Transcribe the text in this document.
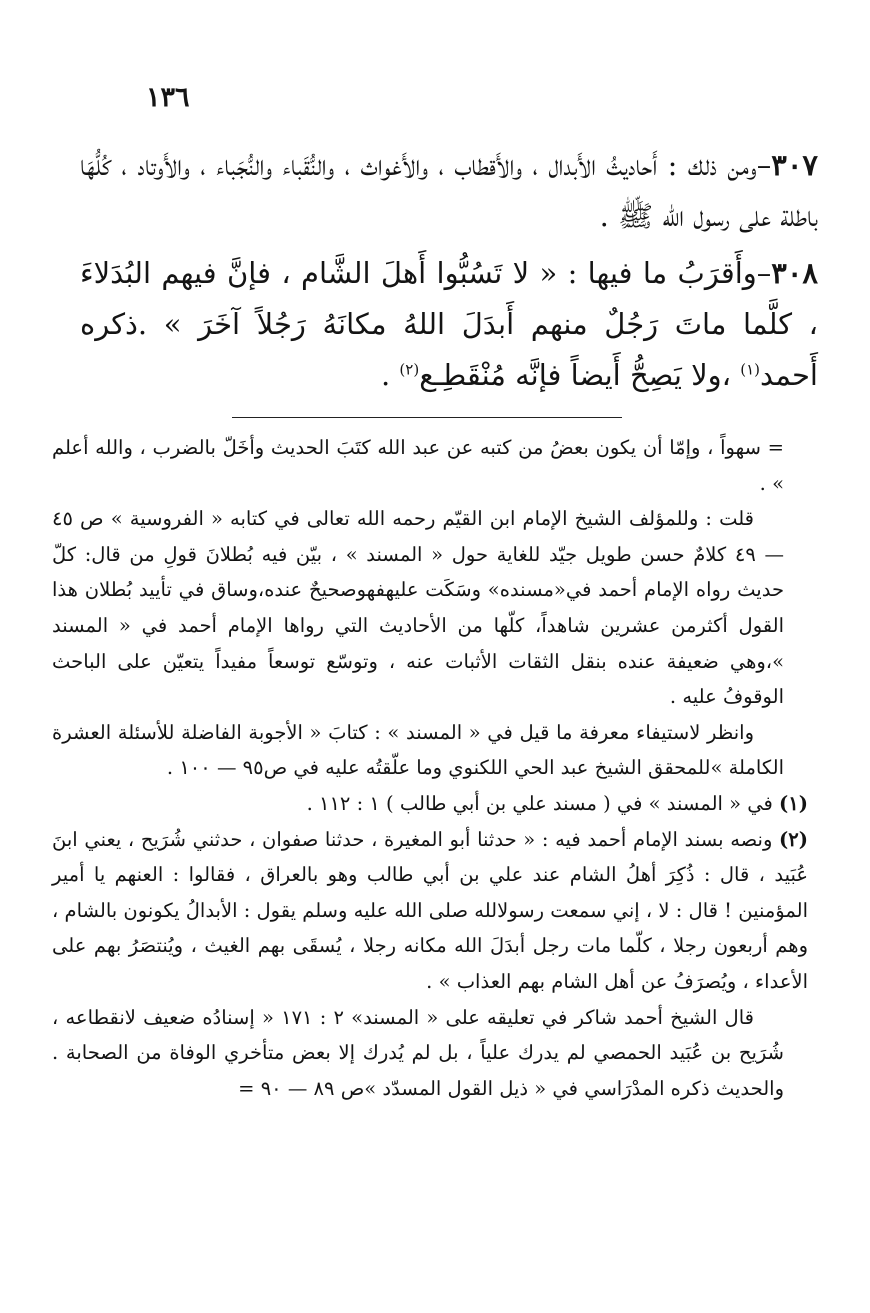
١٣٦

٣٠٧–ومن ذلك : أَحاديثُ الأَبدال ، والأَقطاب ، والأَغواث ، والنُّقَباء والنُّجَباء ، والأَوتاد ، كُلُّهَا باطلة على رسول الله ﷺ .

٣٠٨–وأَقرَبُ ما فيها : « لا تَسُبُّوا أَهلَ الشَّام ، فإنَّ فيهم البُدَلاءَ ، كلَّما ماتَ رَجُلٌ منهم أَبدَلَ اللهُ مكانَهُ رَجُلاً آخَرَ » .ذكره أَحمد$^{(١)}$ ،ولا يَصِحُّ أَيضاً فإنَّه مُنْقَطِـع$^{(٢)}$ .

= سهواً ، وإمّا أن يكون بعضُ من كتبه عن عبد الله كتَبَ الحديث وأخَلّ بالضرب ، والله أعلم » .

قلت : وللمؤلف الشيخ الإمام ابن القيّم رحمه الله تعالى في كتابه « الفروسية » ص ٤٥ — ٤٩ كلامٌ حسن طويل جيّد للغاية حول « المسند » ، بيّن فيه بُطلانَ قولِ من قال: كلّ حديث رواه الإمام أحمد في«مسنده» وسَكَت عليهفهوصحيحٌ عنده،وساق في تأييد بُطلان هذا القول أكثرمن عشرين شاهداً، كلّها من الأحاديث التي رواها الإمام أحمد في « المسند »،وهي ضعيفة عنده بنقل الثقات الأثبات عنه ، وتوسّع توسعاً مفيداً يتعيّن على الباحث الوقوفُ عليه .

وانظر لاستيفاء معرفة ما قيل في « المسند » : كتابَ « الأجوبة الفاضلة للأسئلة العشرة الكاملة »للمحقق الشيخ عبد الحي اللكنوي وما علّقتُه عليه في ص٩٥ — ١٠٠ .

(١) في « المسند » في ( مسند علي بن أبي طالب ) ١ : ١١٢ .

(٢) ونصه بسند الإمام أحمد فيه : « حدثنا أبو المغيرة ، حدثنا صفوان ، حدثني شُرَيح ، يعني ابنَ عُبَيد ، قال : ذُكِرَ أهلُ الشام عند علي بن أبي طالب وهو بالعراق ، فقالوا : العنهم يا أمير المؤمنين ! قال : لا ، إني سمعت رسولالله صلى الله عليه وسلم يقول : الأبدالُ يكونون بالشام ، وهم أربعون رجلا ، كلّما مات رجل أبدَلَ الله مكانه رجلا ، يُسقَى بهم الغيث ، ويُنتصَرُ بهم على الأعداء ، ويُصرَفُ عن أهل الشام بهم العذاب » .

قال الشيخ أحمد شاكر في تعليقه على « المسند» ٢ : ١٧١ « إسنادُه ضعيف لانقطاعه ، شُرَيح بن عُبَيد الحمصي لم يدرك علياً ، بل لم يُدرك إلا بعض متأخري الوفاة من الصحابة . والحديث ذكره المدْرَاسي في « ذيل القول المسدّد »ص ٨٩ — ٩٠ =
